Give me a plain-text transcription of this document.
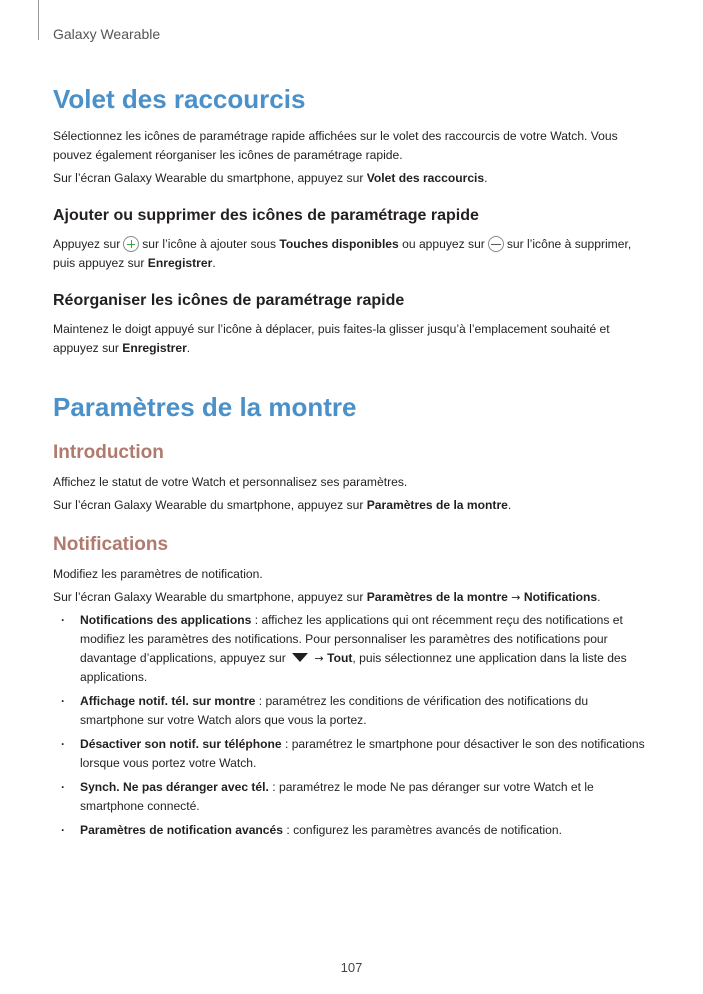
Galaxy Wearable
Volet des raccourcis

Sélectionnez les icônes de paramétrage rapide affichées sur le volet des raccourcis de votre Watch. Vous pouvez également réorganiser les icônes de paramétrage rapide.

Sur l’écran Galaxy Wearable du smartphone, appuyez sur Volet des raccourcis.

Ajouter ou supprimer des icônes de paramétrage rapide

Appuyez sur sur l’icône à ajouter sous Touches disponibles ou appuyez sur sur l’icône à supprimer, puis appuyez sur Enregistrer.

Réorganiser les icônes de paramétrage rapide

Maintenez le doigt appuyé sur l’icône à déplacer, puis faites-la glisser jusqu’à l’emplacement souhaité et appuyez sur Enregistrer.

Paramètres de la montre
Introduction

Affichez le statut de votre Watch et personnalisez ses paramètres.

Sur l’écran Galaxy Wearable du smartphone, appuyez sur Paramètres de la montre.

Notifications

Modifiez les paramètres de notification.

Sur l’écran Galaxy Wearable du smartphone, appuyez sur Paramètres de la montre → Notifications.

· Notifications des applications : affichez les applications qui ont récemment reçu des notifications et modifiez les paramètres des notifications. Pour personnaliser les paramètres des notifications pour davantage d’applications, appuyez sur	→ Tout, puis sélectionnez une application dans la liste des applications.
· Affichage notif. tél. sur montre : paramétrez les conditions de vérification des notifications du smartphone sur votre Watch alors que vous la portez.
· Désactiver son notif. sur téléphone : paramétrez le smartphone pour désactiver le son des notifications lorsque vous portez votre Watch.
· Synch. Ne pas déranger avec tél. : paramétrez le mode Ne pas déranger sur votre Watch et le smartphone connecté.
· Paramètres de notification avancés : configurez les paramètres avancés de notification.
107
